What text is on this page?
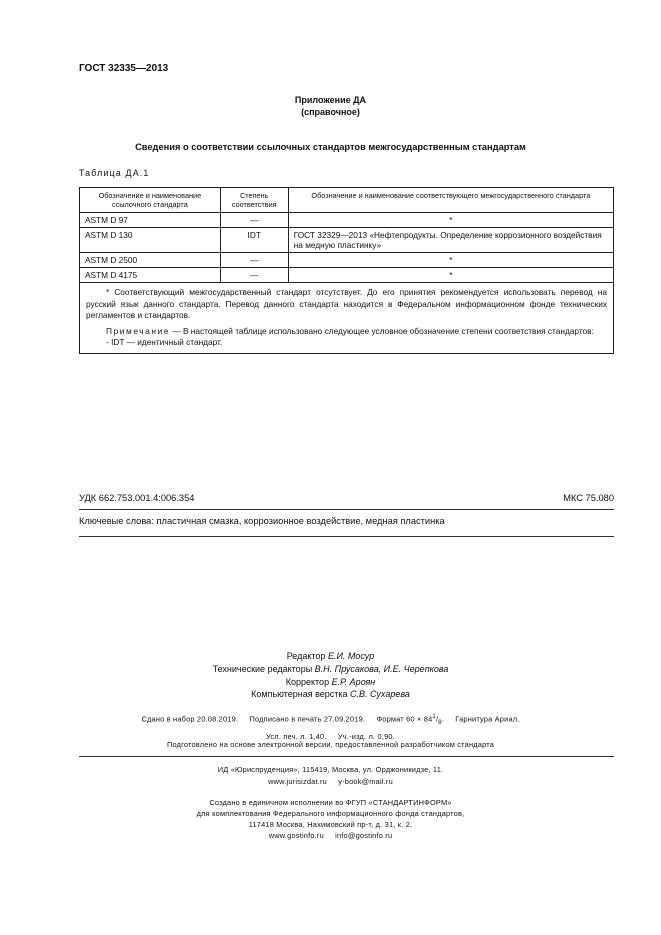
ГОСТ 32335—2013
Приложение ДА
(справочное)
Сведения о соответствии ссылочных стандартов межгосударственным стандартам
Таблица ДА.1
Обозначение и наименование ссылочного стандарта	Степень соответствия	Обозначение и наименование соответствующего межгосударственного стандарта
ASTM D 97	—	*
ASTM D 130	IDT	ГОСТ 32329—2013 «Нефтепродукты. Определение коррозионного воздействия на медную пластинку»
ASTM D 2500	—	*
ASTM D 4175	—	*

* Соответствующий межгосударственный стандарт отсутствует. До его принятия рекомендуется использовать перевод на русский язык данного стандарта. Перевод данного стандарта находится в Федеральном информационном фонде технических регламентов и стандартов.
Примечание — В настоящей таблице использовано следующее условное обозначение степени соответствия стандартов:
- IDT — идентичный стандарт.		
УДК 662.753.001.4:006.354	МКС 75.080
Ключевые слова: пластичная смазка, коррозионное воздействие, медная пластинка
Редактор Е.И. Мосур
Технические редакторы В.Н. Прусакова, И.Е. Черепкова
Корректор Е.Р. Ароян
Компьютерная верстка С.В. Сухарева
Сдано в набор 20.08.2019.     Подписано в печать 27.09.2019.     Формат $60 \times 84^1/_8$.     Гарнитура Ариал.
Усл. печ. л. 1,40.     Уч.-изд. л. 0,90.
Подготовлено на основе электронной версии, предоставленной разработчиком стандарта
ИД «Юриспруденция», 115419, Москва, ул. Орджоникидзе, 11.
www.jurisizdat.ru     y-book@mail.ru
Создано в единичном исполнении во ФГУП «СТАНДАРТИНФОРМ»
для комплектования Федерального информационного фонда стандартов,
117418 Москва, Нахимовский пр-т, д. 31, к. 2.
www.gostinfo.ru     info@gostinfo.ru
